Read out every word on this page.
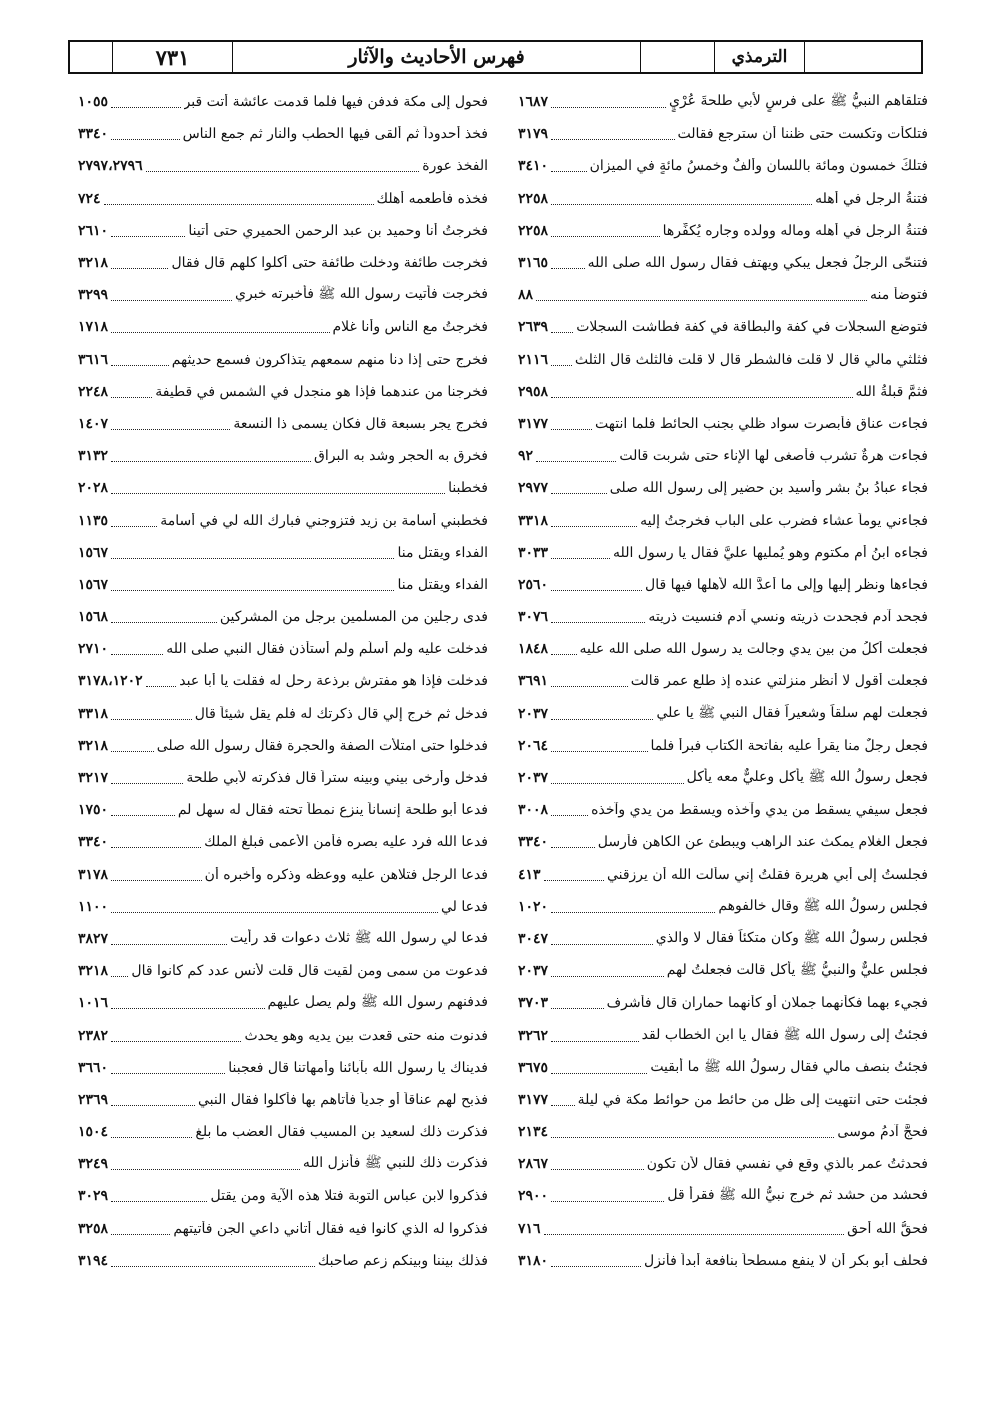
٧٣١	فهرس الأحاديث والآثار	الترمذي
فتلقاهم النبيُّ ﷺ على فرسٍ لأبي طلحةَ عُرْيٍ
١٦٨٧
فتلكأت وتكست حتى ظننا أن سترجع فقالت
٣١٧٩
فتلكَ خمسون ومائة باللسان وألفٌ وخمسُ مائةٍ في الميزان
٣٤١٠
فتنةُ الرجل في أهله
٢٢٥٨
فتنةُ الرجل في أهله وماله وولده وجاره يُكفِّرها
٢٢٥٨
فتنحّى الرجلُ فجعل يبكي ويهتف فقال رسول الله صلى الله
٣١٦٥
فتوضأ منه
٨٨
فتوضع السجلات في كفة والبطاقة في كفة فطاشت السجلات
٢٦٣٩
فثلثي مالي قال لا قلت فالشطر قال لا قلت فالثلث قال الثلث
٢١١٦
فثمَّ قبلةُ الله
٢٩٥٨
فجاءت عناق فأبصرت سواد ظلي بجنب الحائط فلما انتهت
٣١٧٧
فجاءت هرةٌ تشرب فأصغى لها الإناء حتى شربت قالت
٩٢
فجاء عبادُ بنُ بشر وأسيد بن حضير إلى رسول الله صلى
٢٩٧٧
فجاءني يوماً عشاء فضرب على الباب فخرجتُ إليه
٣٣١٨
فجاءه ابنُ أم مكتوم وهو يُمليها عليَّ فقال يا رسول الله
٣٠٣٣
فجاءها ونظر إليها وإلى ما أعدَّ الله لأهلها فيها قال
٢٥٦٠
فجحد آدم فجحدت ذريته ونسي آدم فنسيت ذريته
٣٠٧٦
فجعلت أكلُ من بين يدي وجالت يد رسول الله صلى الله عليه
١٨٤٨
فجعلت أقول لا أنظر منزلتي عنده إذ طلع عمر قالت
٣٦٩١
فجعلت لهم سلقاً وشعيراً فقال النبي ﷺ يا علي
٢٠٣٧
فجعل رجلٌ منا يقرأ عليه بفاتحة الكتاب فبرأ فلما
٢٠٦٤
فجعل رسولُ الله ﷺ يأكل وعليٌّ معه يأكل
٢٠٣٧
فجعل سيفي يسقط من يدي وآخذه ويسقط من يدي وآخذه
٣٠٠٨
فجعل الغلام يمكث عند الراهب ويبطئ عن الكاهن فأرسل
٣٣٤٠
فجلستُ إلى أبي هريرة فقلتُ إني سألت الله أن يرزقني
٤١٣
فجلس رسولُ الله ﷺ وقال خالفوهم
١٠٢٠
فجلس رسولُ الله ﷺ وكان متكئاً فقال لا والذي
٣٠٤٧
فجلس عليٌّ والنبيُّ ﷺ يأكل قالت فجعلتُ لهم
٢٠٣٧
فجيء بهما فكأنهما جملان أو كأنهما حماران قال فأشرف
٣٧٠٣
فجئتُ إلى رسول الله ﷺ فقال يا ابن الخطاب لقد
٣٢٦٢
فجئتُ بنصف مالي فقال رسولُ الله ﷺ ما أبقيت
٣٦٧٥
فجئت حتى انتهيت إلى ظل من حائط من حوائط مكة في ليلة
٣١٧٧
فحجَّ آدمُ موسى
٢١٣٤
فحدثتُ عمر بالذي وقع في نفسي فقال لأن تكون
٢٨٦٧
فحشد من حشد ثم خرج نبيُّ الله ﷺ فقرأ قل
٢٩٠٠
فحقُّ الله أحق
٧١٦
فحلف أبو بكر أن لا ينفع مسطحاً بنافعة أبداً فأنزل
٣١٨٠
فحول إلى مكة فدفن فيها فلما قدمت عائشة أتت قبر
١٠٥٥
فخذ أحدوداً ثم ألقى فيها الحطب والنار ثم جمع الناس
٣٣٤٠
الفخذ عورة
٢٧٩٧،٢٧٩٦
فخذه فأطعمه أهلك
٧٢٤
فخرجتُ أنا وحميد بن عبد الرحمن الحميري حتى أتينا
٢٦١٠
فخرجت طائفة ودخلت طائفة حتى أكلوا كلهم قال فقال
٣٢١٨
فخرجت فأتيت رسول الله ﷺ فأخبرته خبري
٣٢٩٩
فخرجتُ مع الناس وأنا غلام
١٧١٨
فخرج حتى إذا دنا منهم سمعهم يتذاكرون فسمع حديثهم
٣٦١٦
فخرجنا من عندهما فإذا هو منجدل في الشمس في قطيفة
٢٢٤٨
فخرج يجر بسبعة قال فكان يسمى ذا النسعة
١٤٠٧
فخرق به الحجر وشد به البراق
٣١٣٢
فخطبنا
٢٠٢٨
فخطبني أسامة بن زيد فتزوجني فبارك الله لي في أسامة
١١٣٥
الفداء ويقتل منا
١٥٦٧
الفداء ويقتل منا
١٥٦٧
فدى رجلين من المسلمين برجل من المشركين
١٥٦٨
فدخلت عليه ولم أسلّم ولم أستأذن فقال النبي صلى الله
٢٧١٠
فدخلت فإذا هو مفترش برذعة رحل له فقلت يا أبا عبد
٣١٧٨،١٢٠٢
فدخل ثم خرج إلي قال ذكرتك له فلم يقل شيئاً قال
٣٣١٨
فدخلوا حتى امتلأت الصفة والحجرة فقال رسول الله صلى
٣٢١٨
فدخل وأرخى بيني وبينه ستراً قال فذكرته لأبي طلحة
٣٢١٧
فدعا أبو طلحة إنساناً ينزع نمطاً تحته فقال له سهل لم
١٧٥٠
فدعا الله فرد عليه بصره فأمن الأعمى فبلغ الملك
٣٣٤٠
فدعا الرجل فتلاهن عليه ووعظه وذكره وأخبره أن
٣١٧٨
فدعا لي
١١٠٠
فدعا لي رسول الله ﷺ ثلاث دعوات قد رأيت
٣٨٢٧
فدعوت من سمى ومن لقيت قال قلت لأنس عدد كم كانوا قال
٣٢١٨
فدفنهم رسول الله ﷺ ولم يصل عليهم
١٠١٦
فدنوت منه حتى قعدت بين يديه وهو يحدث
٢٣٨٢
فديناك يا رسول الله بآبائنا وأمهاتنا قال فعجبنا
٣٦٦٠
فذبح لهم عناقاً أو جدياً فأتاهم بها فأكلوا فقال النبي
٢٣٦٩
فذكرت ذلك لسعيد بن المسيب فقال العضب ما بلغ
١٥٠٤
فذكرت ذلك للنبي ﷺ فأنزل الله
٣٢٤٩
فذكروا لابن عباس التوبة فتلا هذه الآية ومن يقتل
٣٠٢٩
فذكروا له الذي كانوا فيه فقال أتاني داعي الجن فأتيتهم
٣٢٥٨
فذلك بيننا وبينكم زعم صاحبك
٣١٩٤
